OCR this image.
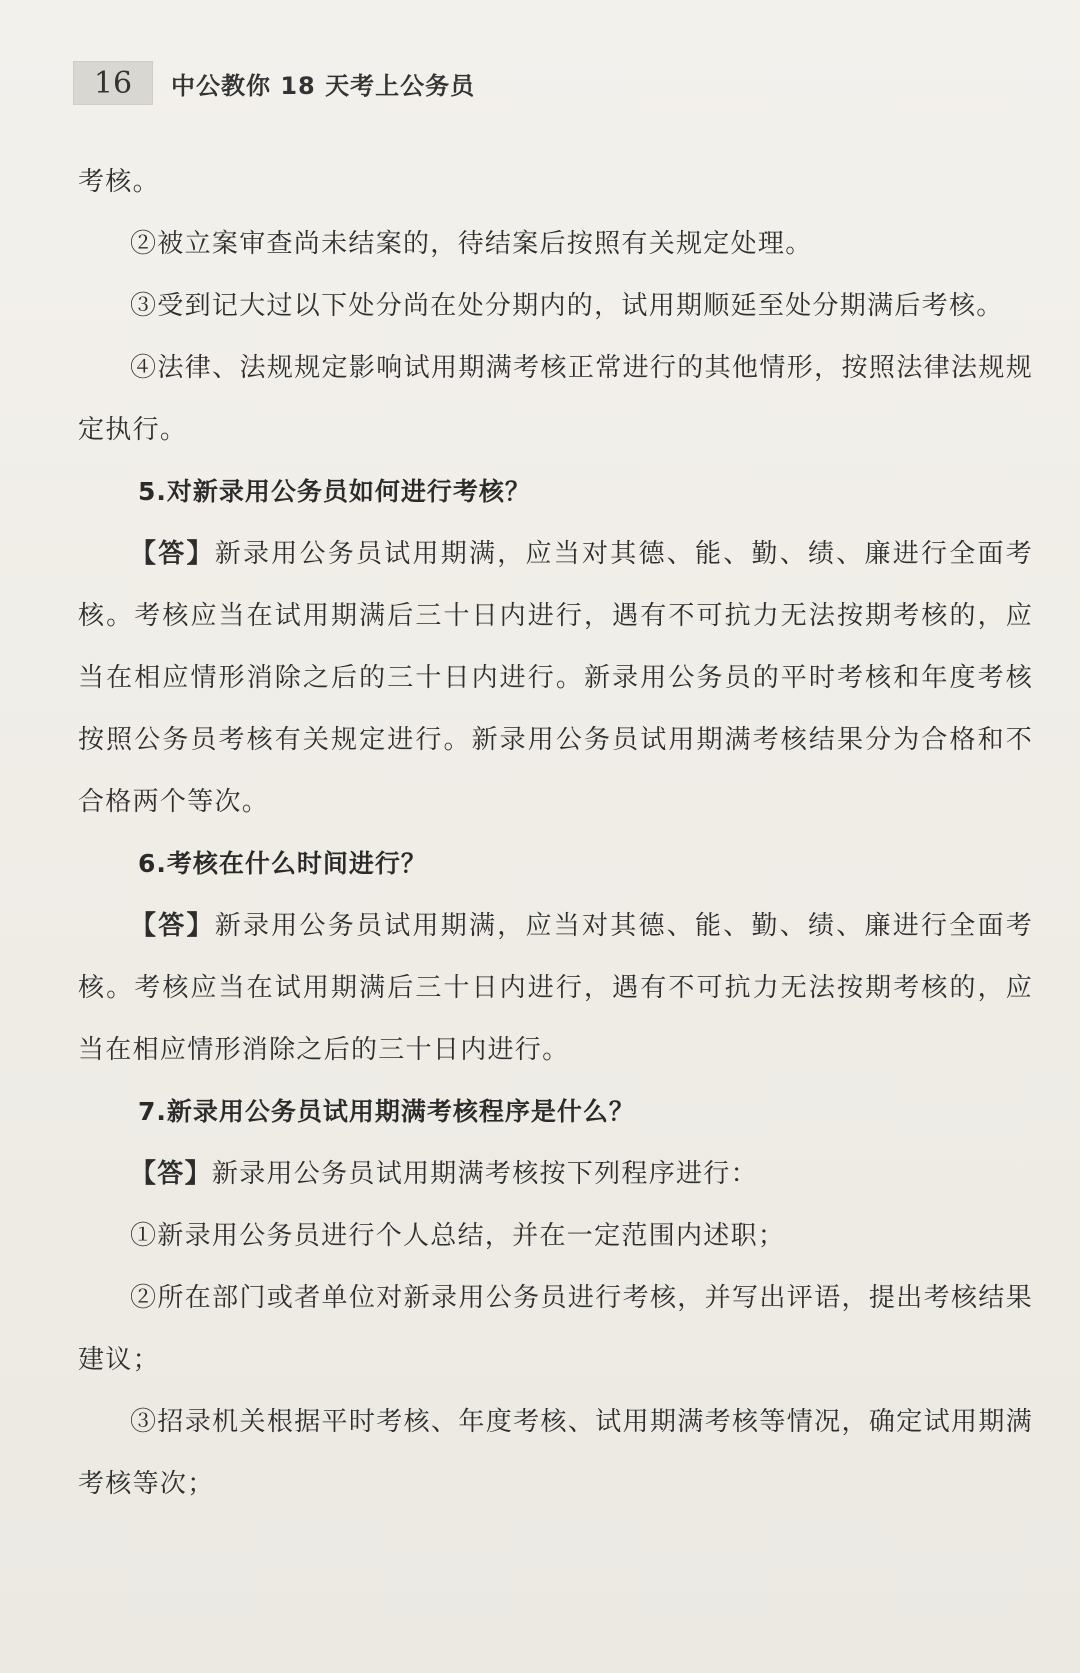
16	中公教你 18 天考上公务员

考核。

②被立案审查尚未结案的，待结案后按照有关规定处理。

③受到记大过以下处分尚在处分期内的，试用期顺延至处分期满后考核。

④法律、法规规定影响试用期满考核正常进行的其他情形，按照法律法规规定执行。

5.对新录用公务员如何进行考核？

【答】新录用公务员试用期满，应当对其德、能、勤、绩、廉进行全面考核。考核应当在试用期满后三十日内进行，遇有不可抗力无法按期考核的，应当在相应情形消除之后的三十日内进行。新录用公务员的平时考核和年度考核按照公务员考核有关规定进行。新录用公务员试用期满考核结果分为合格和不合格两个等次。

6.考核在什么时间进行？

【答】新录用公务员试用期满，应当对其德、能、勤、绩、廉进行全面考核。考核应当在试用期满后三十日内进行，遇有不可抗力无法按期考核的，应当在相应情形消除之后的三十日内进行。

7.新录用公务员试用期满考核程序是什么？

【答】新录用公务员试用期满考核按下列程序进行：

①新录用公务员进行个人总结，并在一定范围内述职；

②所在部门或者单位对新录用公务员进行考核，并写出评语，提出考核结果建议；

③招录机关根据平时考核、年度考核、试用期满考核等情况，确定试用期满考核等次；
